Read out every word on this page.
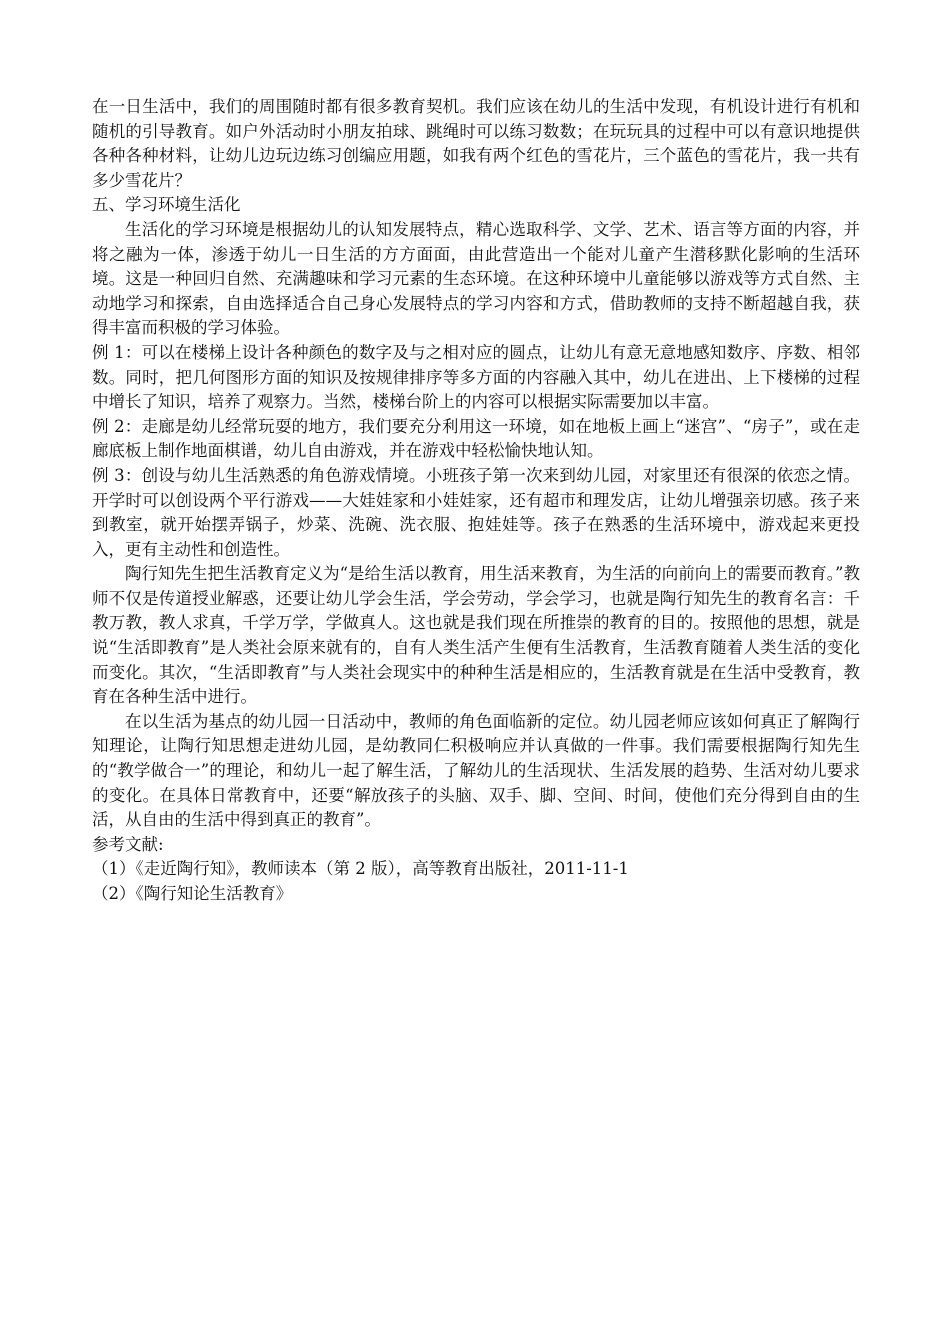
在一日生活中，我们的周围随时都有很多教育契机。我们应该在幼儿的生活中发现，有机设计进行有机和随机的引导教育。如户外活动时小朋友拍球、跳绳时可以练习数数；在玩玩具的过程中可以有意识地提供各种各种材料，让幼儿边玩边练习创编应用题，如我有两个红色的雪花片，三个蓝色的雪花片，我一共有多少雪花片？

五、学习环境生活化

生活化的学习环境是根据幼儿的认知发展特点，精心选取科学、文学、艺术、语言等方面的内容，并将之融为一体，渗透于幼儿一日生活的方方面面，由此营造出一个能对儿童产生潜移默化影响的生活环境。这是一种回归自然、充满趣味和学习元素的生态环境。在这种环境中儿童能够以游戏等方式自然、主动地学习和探索，自由选择适合自己身心发展特点的学习内容和方式，借助教师的支持不断超越自我，获得丰富而积极的学习体验。

例 1：可以在楼梯上设计各种颜色的数字及与之相对应的圆点，让幼儿有意无意地感知数序、序数、相邻数。同时，把几何图形方面的知识及按规律排序等多方面的内容融入其中，幼儿在进出、上下楼梯的过程中增长了知识，培养了观察力。当然，楼梯台阶上的内容可以根据实际需要加以丰富。

例 2：走廊是幼儿经常玩耍的地方，我们要充分利用这一环境，如在地板上画上“迷宫”、“房子”，或在走廊底板上制作地面棋谱，幼儿自由游戏，并在游戏中轻松愉快地认知。

例 3：创设与幼儿生活熟悉的角色游戏情境。小班孩子第一次来到幼儿园，对家里还有很深的依恋之情。开学时可以创设两个平行游戏——大娃娃家和小娃娃家，还有超市和理发店，让幼儿增强亲切感。孩子来到教室，就开始摆弄锅子，炒菜、洗碗、洗衣服、抱娃娃等。孩子在熟悉的生活环境中，游戏起来更投入，更有主动性和创造性。

陶行知先生把生活教育定义为“是给生活以教育，用生活来教育，为生活的向前向上的需要而教育。”教师不仅是传道授业解惑，还要让幼儿学会生活，学会劳动，学会学习，也就是陶行知先生的教育名言：千教万教，教人求真，千学万学，学做真人。这也就是我们现在所推崇的教育的目的。按照他的思想，就是说“生活即教育”是人类社会原来就有的，自有人类生活产生便有生活教育，生活教育随着人类生活的变化而变化。其次，“生活即教育”与人类社会现实中的种种生活是相应的，生活教育就是在生活中受教育，教育在各种生活中进行。

在以生活为基点的幼儿园一日活动中，教师的角色面临新的定位。幼儿园老师应该如何真正了解陶行知理论，让陶行知思想走进幼儿园，是幼教同仁积极响应并认真做的一件事。我们需要根据陶行知先生的“教学做合一”的理论，和幼儿一起了解生活，了解幼儿的生活现状、生活发展的趋势、生活对幼儿要求的变化。在具体日常教育中，还要“解放孩子的头脑、双手、脚、空间、时间，使他们充分得到自由的生活，从自由的生活中得到真正的教育”。

参考文献:

（1）《走近陶行知》，教师读本（第 2 版），高等教育出版社，2011-11-1

（2）《陶行知论生活教育》
